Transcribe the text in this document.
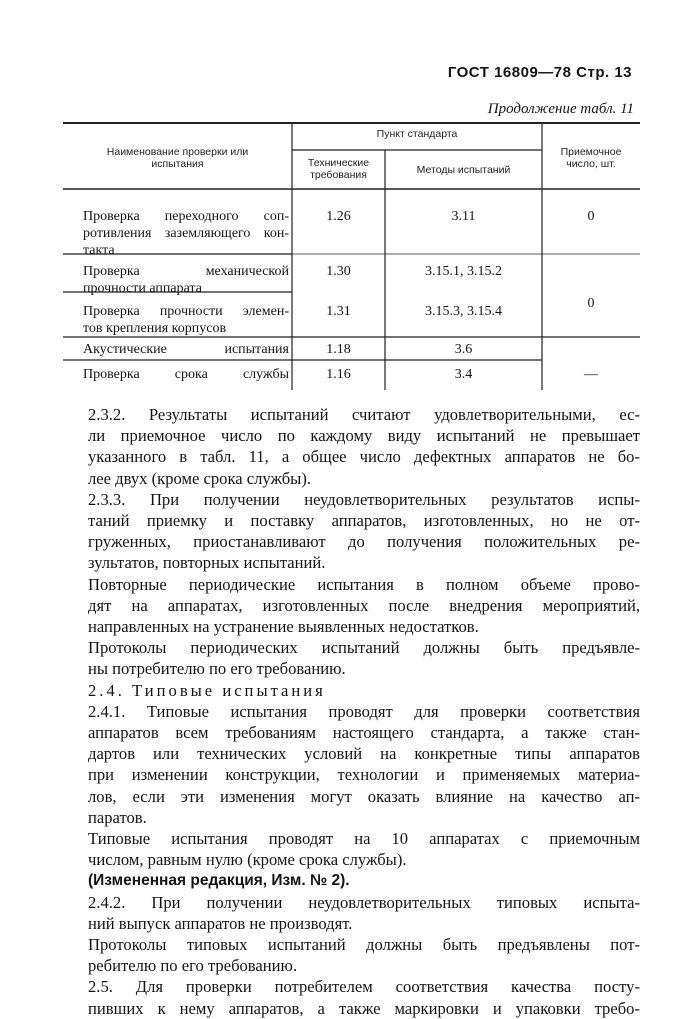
ГОСТ 16809—78 Стр. 13
Продолжение табл. 11
Наименование проверки или
испытания
Пункт стандарта
Технические
требования	Методы испытаний
Приемочное
число, шт.
Проверка переходного соп-
ротивления заземляющего кон-
такта
1.26	3.11	0
Проверка механической
прочности аппарата
1.30	3.15.1, 3.15.2
Проверка прочности элемен-
тов крепления корпусов
1.31	3.15.3, 3.15.4
0
Акустические испытания	1.18	3.6
Проверка срока службы	1.16	3.4	—

2.3.2. Результаты испытаний считают удовлетворительными, ес-
ли приемочное число по каждому виду испытаний не превышает
указанного в табл. 11, а общее число дефектных аппаратов не бо-
лее двух (кроме срока службы).

2.3.3. При получении неудовлетворительных результатов испы-
таний приемку и поставку аппаратов, изготовленных, но не от-
груженных, приостанавливают до получения положительных ре-
зультатов, повторных испытаний.

Повторные периодические испытания в полном объеме прово-
дят на аппаратах, изготовленных после внедрения мероприятий,
направленных на устранение выявленных недостатков.

Протоколы периодических испытаний должны быть предъявле-
ны потребителю по его требованию.

2.4. Типовые испытания

2.4.1. Типовые испытания проводят для проверки соответствия
аппаратов всем требованиям настоящего стандарта, а также стан-
дартов или технических условий на конкретные типы аппаратов
при изменении конструкции, технологии и применяемых материа-
лов, если эти изменения могут оказать влияние на качество ап-
паратов.

Типовые испытания проводят на 10 аппаратах с приемочным
числом, равным нулю (кроме срока службы).

(Измененная редакция, Изм. № 2).

2.4.2. При получении неудовлетворительных типовых испыта-
ний выпуск аппаратов не производят.

Протоколы типовых испытаний должны быть предъявлены пот-
ребителю по его требованию.

2.5. Для проверки потребителем соответствия качества посту-
пивших к нему аппаратов, а также маркировки и упаковки требо-
